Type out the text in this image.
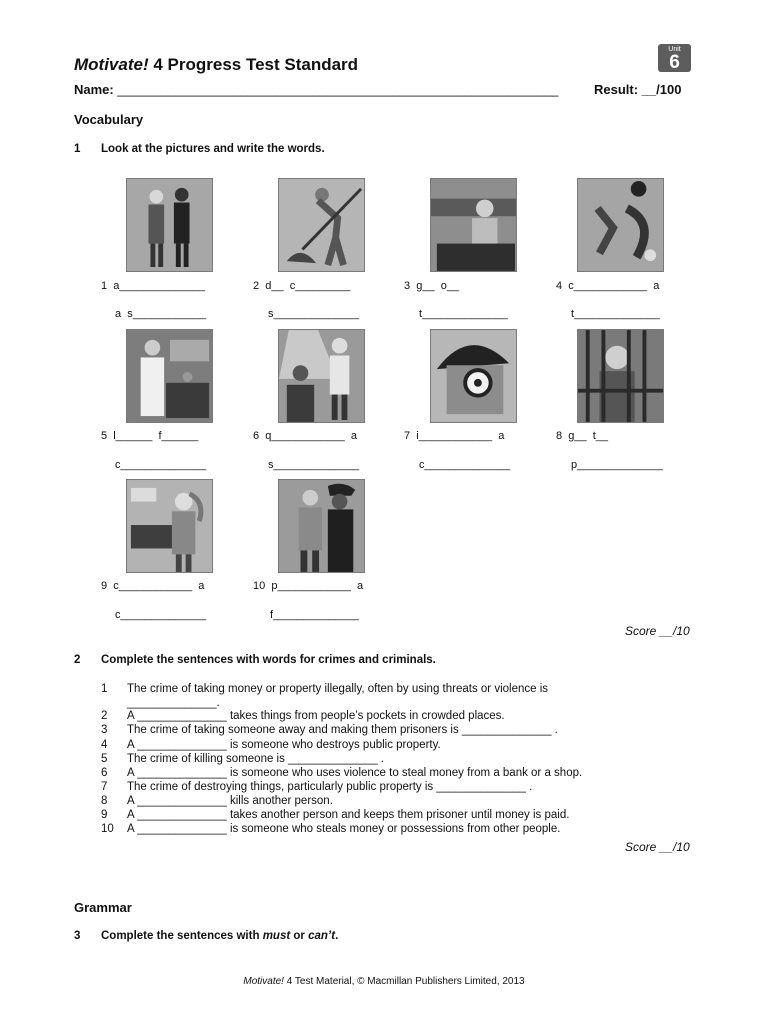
Motivate! 4 Progress Test Standard
Unit
6
Name: _____________________________________________________________	Result: __/100
Vocabulary
1 Look at the pictures and write the words.
1  a______________
a  s____________
2  d__  c_________
s______________
3  g__  o__
t______________
4  c____________  a
t______________
5  l______  f______
c______________
6  q____________  a
s______________
7  i____________  a
c______________
8  g__  t__
p______________
9  c____________  a
c______________
10  p____________  a
f______________
Score __/10
2 Complete the sentences with words for crimes and criminals.
1 The crime of taking money or property illegally, often by using threats or violence is
______________.
2 A ______________ takes things from people’s pockets in crowded places.
3 The crime of taking someone away and making them prisoners is ______________ .
4 A ______________ is someone who destroys public property.
5 The crime of killing someone is ______________ .
6 A ______________ is someone who uses violence to steal money from a bank or a shop.
7 The crime of destroying things, particularly public property is ______________ .
8 A ______________ kills another person.
9 A ______________ takes another person and keeps them prisoner until money is paid.
10 A ______________ is someone who steals money or possessions from other people.
Score __/10
Grammar
3 Complete the sentences with must or can’t.
Motivate! 4 Test Material, © Macmillan Publishers Limited, 2013
